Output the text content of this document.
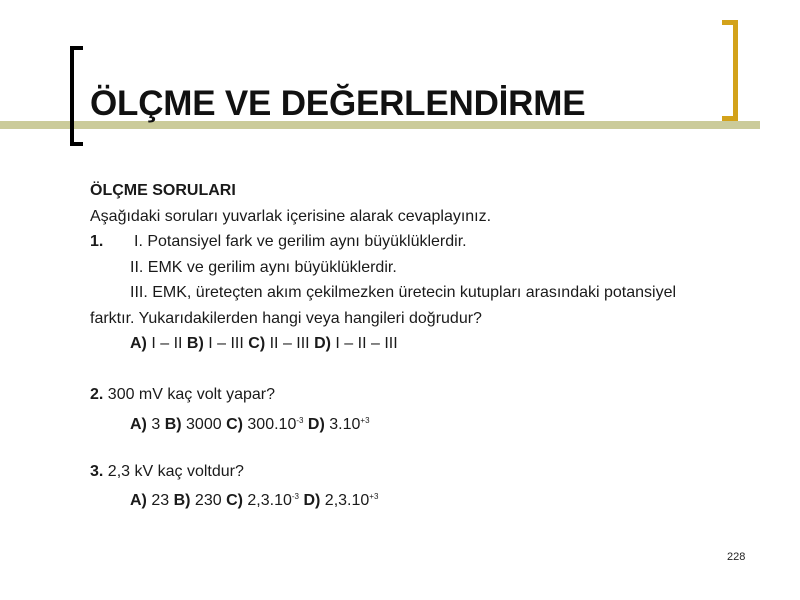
ÖLÇME VE DEĞERLENDİRME
ÖLÇME SORULARI
Aşağıdaki soruları yuvarlak içerisine alarak cevaplayınız.
1. I. Potansiyel fark ve gerilim aynı büyüklüklerdir.
II. EMK ve gerilim aynı büyüklüklerdir.
III. EMK, üreteçten akım çekilmezken üretecin kutupları arasındaki potansiyel
farktır. Yukarıdakilerden hangi veya hangileri doğrudur?
A) I – II B) I – III C) II – III D) I – II – III
2. 300 mV kaç volt yapar?
A) 3 B) 3000 C) $300.10^{-3}$ D) $3.10^{+3}$
3. 2,3 kV kaç voltdur?
A) 23 B) 230 C) $2,3.10^{-3}$ D) $2,3.10^{+3}$
228
